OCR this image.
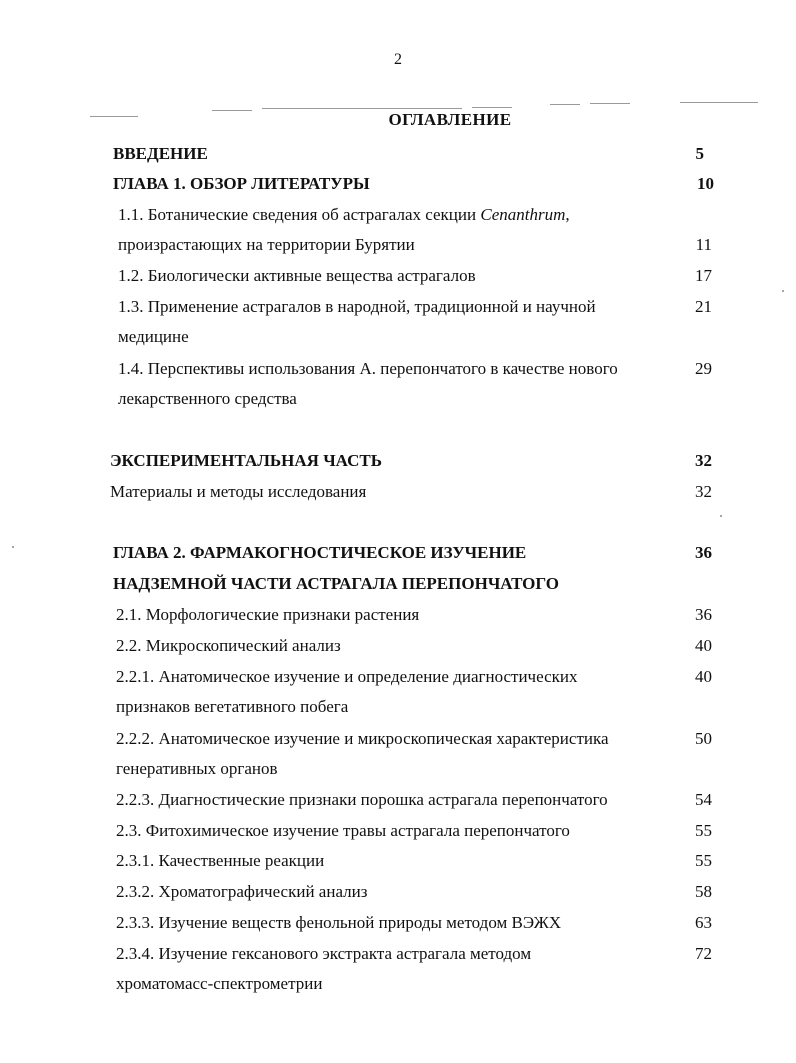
2
ОГЛАВЛЕНИЕ
ВВЕДЕНИЕ	5
ГЛАВА 1. ОБЗОР ЛИТЕРАТУРЫ	10
1.1. Ботанические сведения об астрагалах секции Cenanthrum,
произрастающих на территории Бурятии	11
1.2. Биологически активные вещества астрагалов	17
1.3. Применение астрагалов в народной, традиционной и научной	21
медицине
1.4. Перспективы использования А. перепончатого в качестве нового	29
лекарственного средства
ЭКСПЕРИМЕНТАЛЬНАЯ ЧАСТЬ	32
Материалы и методы исследования	32
ГЛАВА 2. ФАРМАКОГНОСТИЧЕСКОЕ ИЗУЧЕНИЕ	36
НАДЗЕМНОЙ ЧАСТИ АСТРАГАЛА ПЕРЕПОНЧАТОГО
2.1. Морфологические признаки растения	36
2.2. Микроскопический анализ	40
2.2.1. Анатомическое изучение и определение диагностических	40
признаков вегетативного побега
2.2.2. Анатомическое изучение и микроскопическая характеристика	50
генеративных органов
2.2.3. Диагностические признаки порошка астрагала перепончатого	54
2.3. Фитохимическое изучение травы астрагала перепончатого	55
2.3.1. Качественные реакции	55
2.3.2. Хроматографический анализ	58
2.3.3. Изучение веществ фенольной природы методом ВЭЖХ	63
2.3.4. Изучение гексанового экстракта астрагала методом	72
хроматомасс-спектрометрии
